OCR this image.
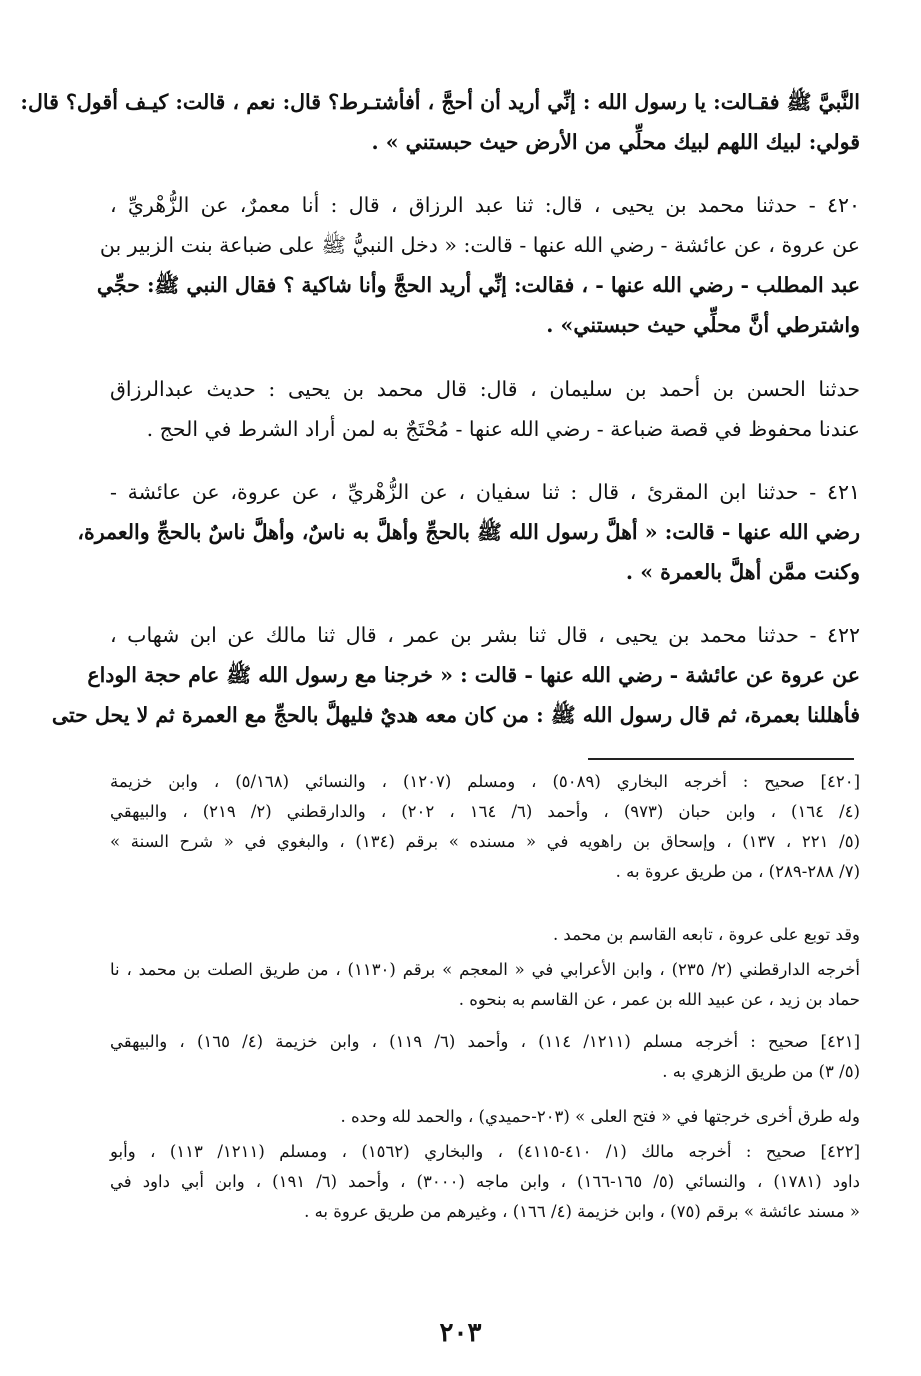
النَّبيَّ ﷺ فقـالت: يا رسول الله : إنِّي أريد أن أحجَّ ، أفأشتـرط؟ قال: نعم ، قالت: كيـف أقول؟ قال:
قولي: لبيك اللهم لبيك محلِّي من الأرض حيث حبستني » .
٤٢٠ - حدثنا محمد بن يحيى ، قال: ثنا عبد الرزاق ، قال : أنا معمرٌ، عن الزُّهْريِّ ،
عن عروة ، عن عائشة - رضي الله عنها - قالت: « دخل النبيُّ ﷺ على ضباعة بنت الزبير بن
عبد المطلب - رضي الله عنها - ، فقالت: إنِّي أريد الحجَّ وأنا شاكية ؟ فقال النبي ﷺ: حجِّي
واشترطي أنَّ محلِّي حيث حبستني» .
حدثنا الحسن بن أحمد بن سليمان ، قال: قال محمد بن يحيى : حديث عبدالرزاق
عندنا محفوظ في قصة ضباعة - رضي الله عنها - مُحْتَجٌ به لمن أراد الشرط في الحج .
٤٢١ - حدثنا ابن المقرئ ، قال : ثنا سفيان ، عن الزُّهْريِّ ، عن عروة، عن عائشة -
رضي الله عنها - قالت: « أهلَّ رسول الله ﷺ بالحجِّ وأهلَّ به ناسٌ، وأهلَّ ناسٌ بالحجِّ والعمرة،
وكنت ممَّن أهلَّ بالعمرة » .
٤٢٢ - حدثنا محمد بن يحيى ، قال ثنا بشر بن عمر ، قال ثنا مالك عن ابن شهاب ،
عن عروة عن عائشة - رضي الله عنها - قالت : « خرجنا مع رسول الله ﷺ عام حجة الوداع
فأهللنا بعمرة، ثم قال رسول الله ﷺ : من كان معه هديٌ فليهلَّ بالحجِّ مع العمرة ثم لا يحل حتى
[٤٢٠] صحيح : أخرجه البخاري (٥٠٨٩) ، ومسلم (١٢٠٧) ، والنسائي (٥/١٦٨) ، وابن خزيمة
(٤/ ١٦٤) ، وابن حبان (٩٧٣) ، وأحمد (٦/ ١٦٤ ، ٢٠٢) ، والدارقطني (٢/ ٢١٩) ، والبيهقي
(٥/ ٢٢١ ، ١٣٧) ، وإسحاق بن راهويه في « مسنده » برقم (١٣٤) ، والبغوي في « شرح السنة »
(٧/ ٢٨٨-٢٨٩) ، من طريق عروة به .
وقد توبع على عروة ، تابعه القاسم بن محمد .
أخرجه الدارقطني (٢/ ٢٣٥) ، وابن الأعرابي في « المعجم » برقم (١١٣٠) ، من طريق الصلت بن محمد ، نا
حماد بن زيد ، عن عبيد الله بن عمر ، عن القاسم به بنحوه .
[٤٢١] صحيح : أخرجه مسلم (١٢١١/ ١١٤) ، وأحمد (٦/ ١١٩) ، وابن خزيمة (٤/ ١٦٥) ، والبيهقي
(٥/ ٣) من طريق الزهري به .
وله طرق أخرى خرجتها في « فتح العلى » (٢٠٣-حميدي) ، والحمد لله وحده .
[٤٢٢] صحيح : أخرجه مالك (١/ ٤١٠-٤١١٥) ، والبخاري (١٥٦٢) ، ومسلم (١٢١١/ ١١٣) ، وأبو
داود (١٧٨١) ، والنسائي (٥/ ١٦٥-١٦٦) ، وابن ماجه (٣٠٠٠) ، وأحمد (٦/ ١٩١) ، وابن أبي داود في
« مسند عائشة » برقم (٧٥) ، وابن خزيمة (٤/ ١٦٦) ، وغيرهم من طريق عروة به .
٢٠٣
